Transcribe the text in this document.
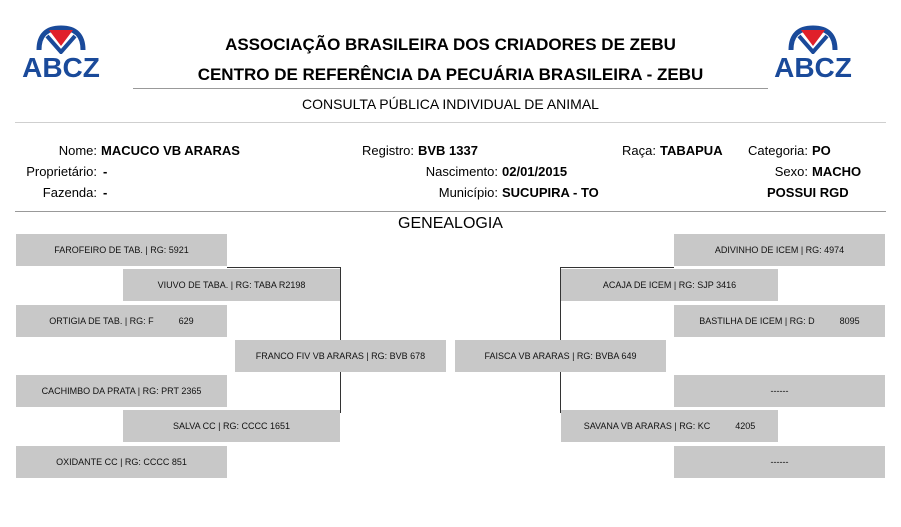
ABCZ	ABCZ
ASSOCIAÇÃO BRASILEIRA DOS CRIADORES DE ZEBU
CENTRO DE REFERÊNCIA DA PECUÁRIA BRASILEIRA - ZEBU
CONSULTA PÚBLICA INDIVIDUAL DE ANIMAL
Nome: MACUCO VB ARARAS
Proprietário: -
Fazenda: -
Registro: BVB 1337
Nascimento: 02/01/2015
Município: SUCUPIRA - TO
Raça: TABAPUA	Categoria: PO
Sexo: MACHO
POSSUI RGD
GENEALOGIA
FAROFEIRO DE TAB. | RG: 5921
VIUVO DE TABA. | RG: TABA R2198
ORTIGIA DE TAB. | RG: F          629
FRANCO FIV VB ARARAS | RG: BVB 678
CACHIMBO DA PRATA | RG: PRT 2365
SALVA CC | RG: CCCC 1651
OXIDANTE CC | RG: CCCC 851
ADIVINHO DE ICEM | RG: 4974
ACAJA DE ICEM | RG: SJP 3416
BASTILHA DE ICEM | RG: D          8095
FAISCA VB ARARAS | RG: BVBA 649
------
SAVANA VB ARARAS | RG: KC          4205
------
